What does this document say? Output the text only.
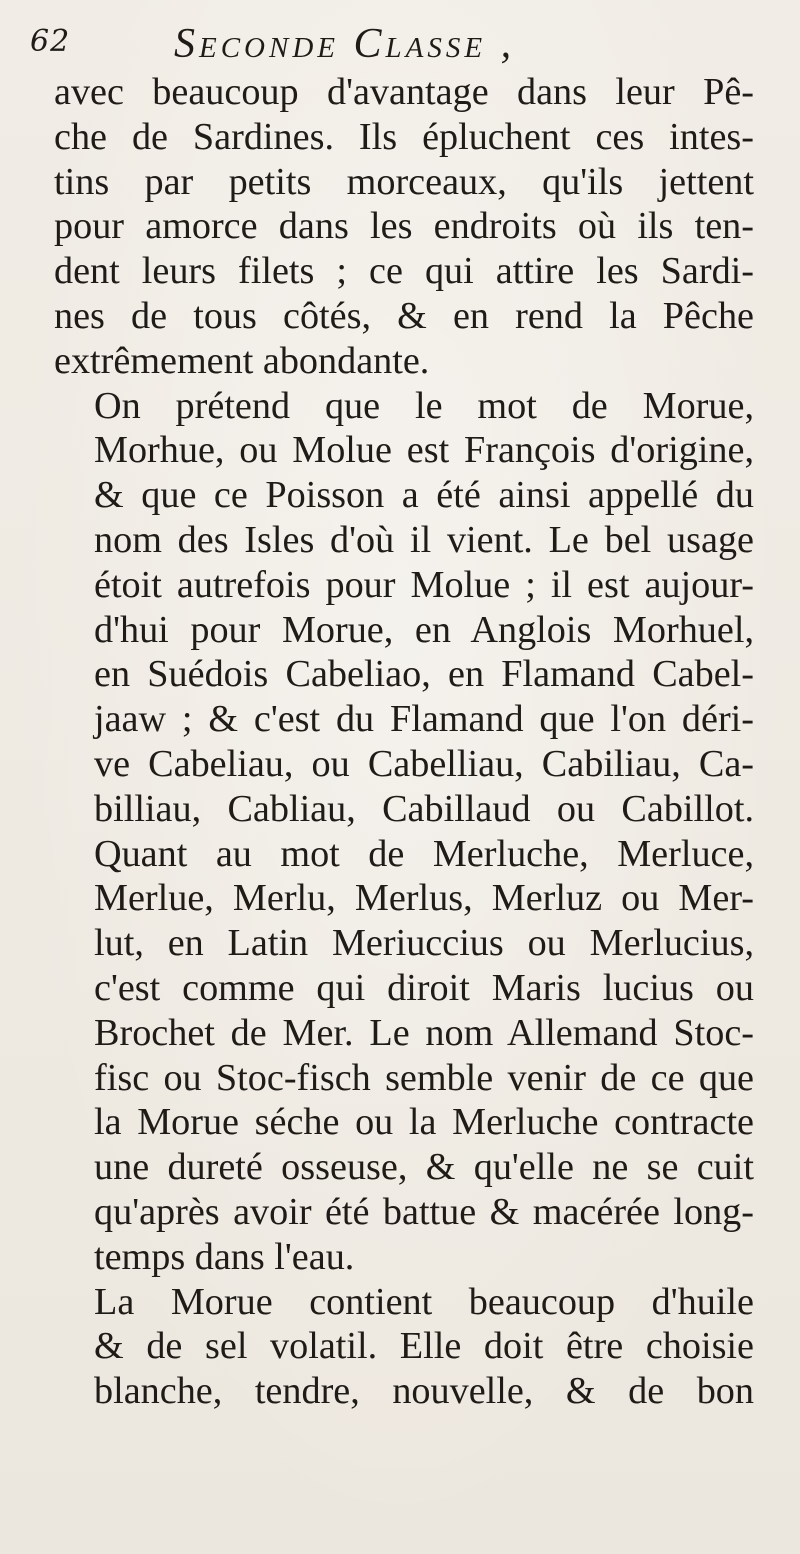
62 Seconde Classe ,

avec beaucoup d'avantage dans leur Pê-
che de Sardines. Ils épluchent ces intes-
tins par petits morceaux, qu'ils jettent
pour amorce dans les endroits où ils ten-
dent leurs filets ; ce qui attire les Sardi-
nes de tous côtés, & en rend la Pêche
extrêmement abondante.

On prétend que le mot de Morue,
Morhue, ou Molue est François d'origine,
& que ce Poisson a été ainsi appellé du
nom des Isles d'où il vient. Le bel usage
étoit autrefois pour Molue ; il est aujour-
d'hui pour Morue, en Anglois Morhuel,
en Suédois Cabeliao, en Flamand Cabel-
jaaw ; & c'est du Flamand que l'on déri-
ve Cabeliau, ou Cabelliau, Cabiliau, Ca-
billiau, Cabliau, Cabillaud ou Cabillot.
Quant au mot de Merluche, Merluce,
Merlue, Merlu, Merlus, Merluz ou Mer-
lut, en Latin Meriuccius ou Merlucius,
c'est comme qui diroit Maris lucius ou
Brochet de Mer. Le nom Allemand Stoc-
fisc ou Stoc-fisch semble venir de ce que
la Morue séche ou la Merluche contracte
une dureté osseuse, & qu'elle ne se cuit
qu'après avoir été battue & macérée long-
temps dans l'eau.

La Morue contient beaucoup d'huile
& de sel volatil. Elle doit être choisie
blanche, tendre, nouvelle, & de bon
